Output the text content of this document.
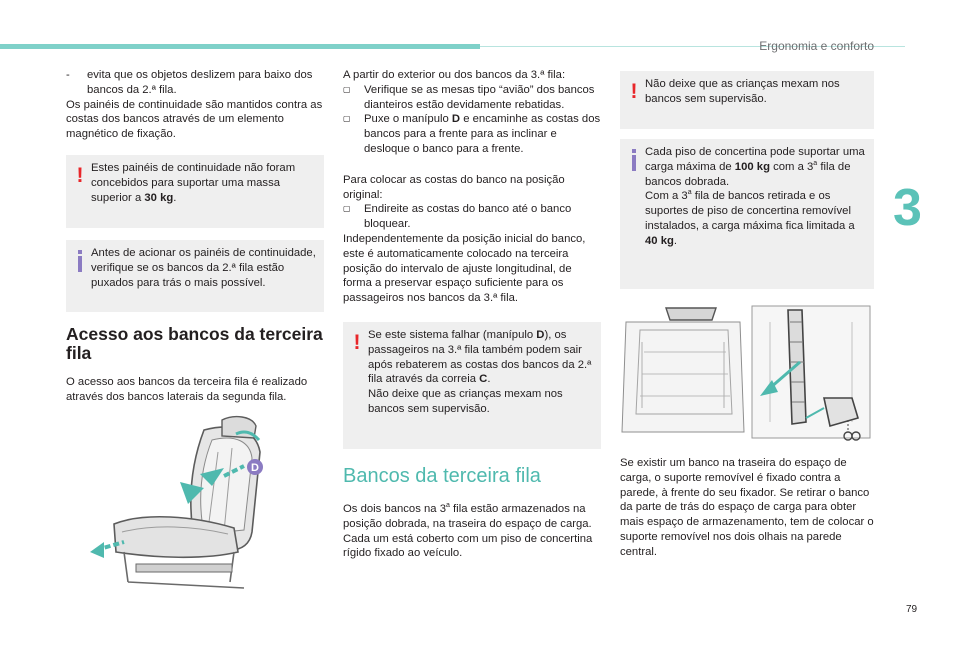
Ergonomia e conforto
3
79
-	evita que os objetos deslizem para baixo dos bancos da 2.ª fila.

Os painéis de continuidade são mantidos contra as costas dos bancos através de um elemento magnético de fixação.

! Estes painéis de continuidade não foram concebidos para suportar uma massa superior a 30 kg.

Antes de acionar os painéis de continuidade, verifique se os bancos da 2.ª fila estão puxados para trás o mais possível.

Acesso aos bancos da terceira fila

O acesso aos bancos da terceira fila é realizado através dos bancos laterais da segunda fila.

D

A partir do exterior ou dos bancos da 3.ª fila:

▢	Verifique se as mesas tipo “avião” dos bancos dianteiros estão devidamente rebatidas.
▢	Puxe o manípulo D e encaminhe as costas dos bancos para a frente para as inclinar e desloque o banco para a frente.

Para colocar as costas do banco na posição original:

▢	Endireite as costas do banco até o banco bloquear.

Independentemente da posição inicial do banco, este é automaticamente colocado na terceira posição do intervalo de ajuste longitudinal, de forma a preservar espaço suficiente para os passageiros nos bancos da 3.ª fila.

! Se este sistema falhar (manípulo D), os passageiros na 3.ª fila também podem sair após rebaterem as costas dos bancos da 2.ª fila através da correia C.

Não deixe que as crianças mexam nos bancos sem supervisão.

Bancos da terceira fila

Os dois bancos na 3$^a$ fila estão armazenados na posição dobrada, na traseira do espaço de carga. Cada um está coberto com um piso de concertina rígido fixado ao veículo.

! Não deixe que as crianças mexam nos bancos sem supervisão.

Cada piso de concertina pode suportar uma carga máxima de 100 kg com a 3$^a$ fila de bancos dobrada.

Com a 3$^a$ fila de bancos retirada e os suportes de piso de concertina removível instalados, a carga máxima fica limitada a 40 kg.

Se existir um banco na traseira do espaço de carga, o suporte removível é fixado contra a parede, à frente do seu fixador. Se retirar o banco da parte de trás do espaço de carga para obter mais espaço de armazenamento, tem de colocar o suporte removível nos dois olhais na parede central.
